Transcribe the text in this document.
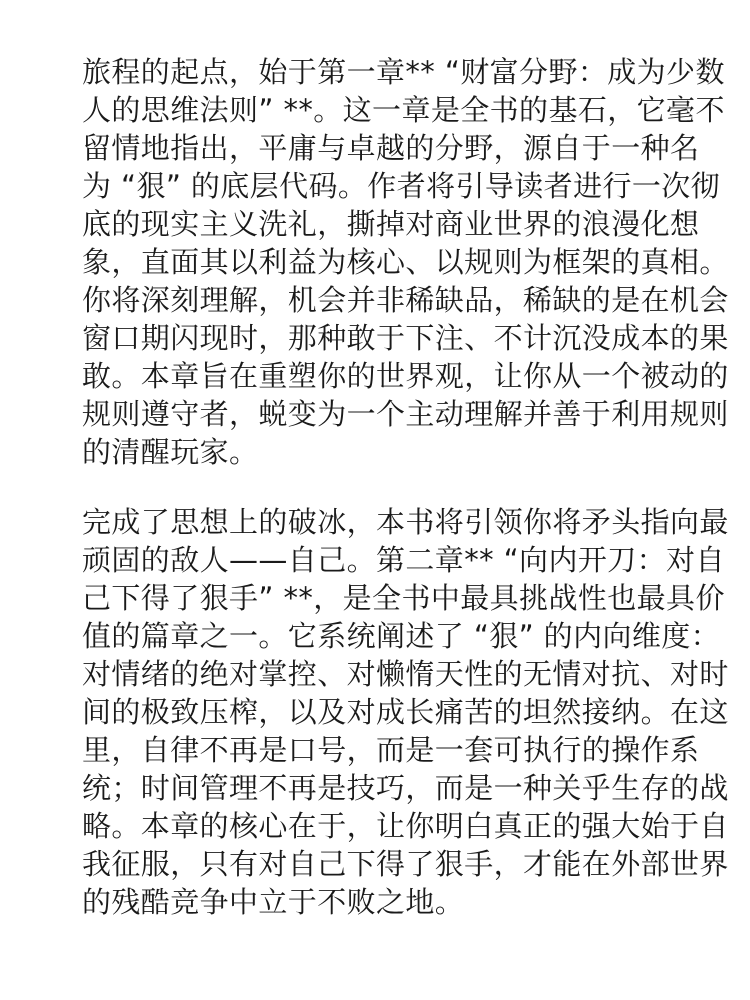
旅程的起点，始于第一章** “财富分野：成为少数
人的思维法则” **。这一章是全书的基石，它毫不
留情地指出，平庸与卓越的分野，源自于一种名
为 “狠” 的底层代码。作者将引导读者进行一次彻
底的现实主义洗礼，撕掉对商业世界的浪漫化想
象，直面其以利益为核心、以规则为框架的真相。
你将深刻理解，机会并非稀缺品，稀缺的是在机会
窗口期闪现时，那种敢于下注、不计沉没成本的果
敢。本章旨在重塑你的世界观，让你从一个被动的
规则遵守者，蜕变为一个主动理解并善于利用规则
的清醒玩家。
完成了思想上的破冰，本书将引领你将矛头指向最
顽固的敌人——自己。第二章** “向内开刀：对自
己下得了狠手” **，是全书中最具挑战性也最具价
值的篇章之一。它系统阐述了 “狠” 的内向维度：
对情绪的绝对掌控、对懒惰天性的无情对抗、对时
间的极致压榨，以及对成长痛苦的坦然接纳。在这
里，自律不再是口号，而是一套可执行的操作系
统；时间管理不再是技巧，而是一种关乎生存的战
略。本章的核心在于，让你明白真正的强大始于自
我征服，只有对自己下得了狠手，才能在外部世界
的残酷竞争中立于不败之地。
